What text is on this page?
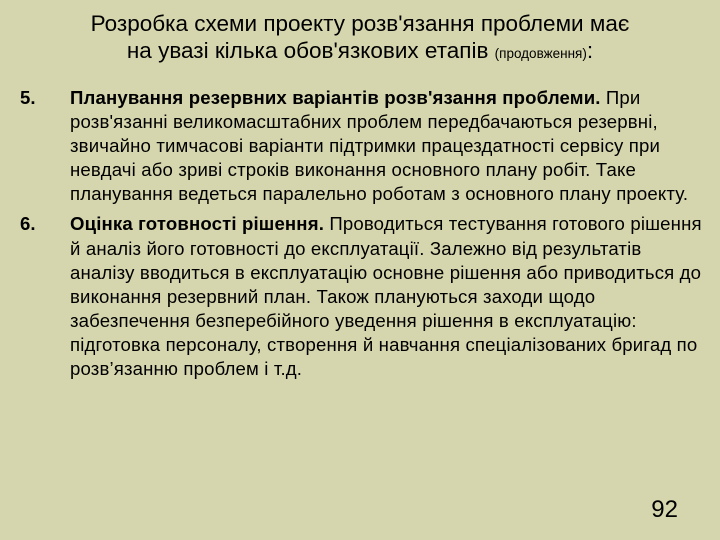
Розробка схеми проекту розв'язання проблеми має
на увазі кілька обов'язкових етапів (продовження):
5.	Планування резервних варіантів розв'язання проблеми. При розв'язанні великомасштабних проблем передбачаються резервні, звичайно тимчасові варіанти підтримки працездатності сервісу при невдачі або зриві строків виконання основного плану робіт. Таке планування ведеться паралельно роботам з основного плану проекту.
6.	Оцінка готовності рішення. Проводиться тестування готового рішення й аналіз його готовності до експлуатації. Залежно від результатів аналізу вводиться в експлуатацію основне рішення або приводиться до виконання резервний план. Також плануються заходи щодо забезпечення безперебійного уведення рішення в експлуатацію: підготовка персоналу, створення й навчання спеціалізованих бригад по розв’язанню проблем і т.д.
92
